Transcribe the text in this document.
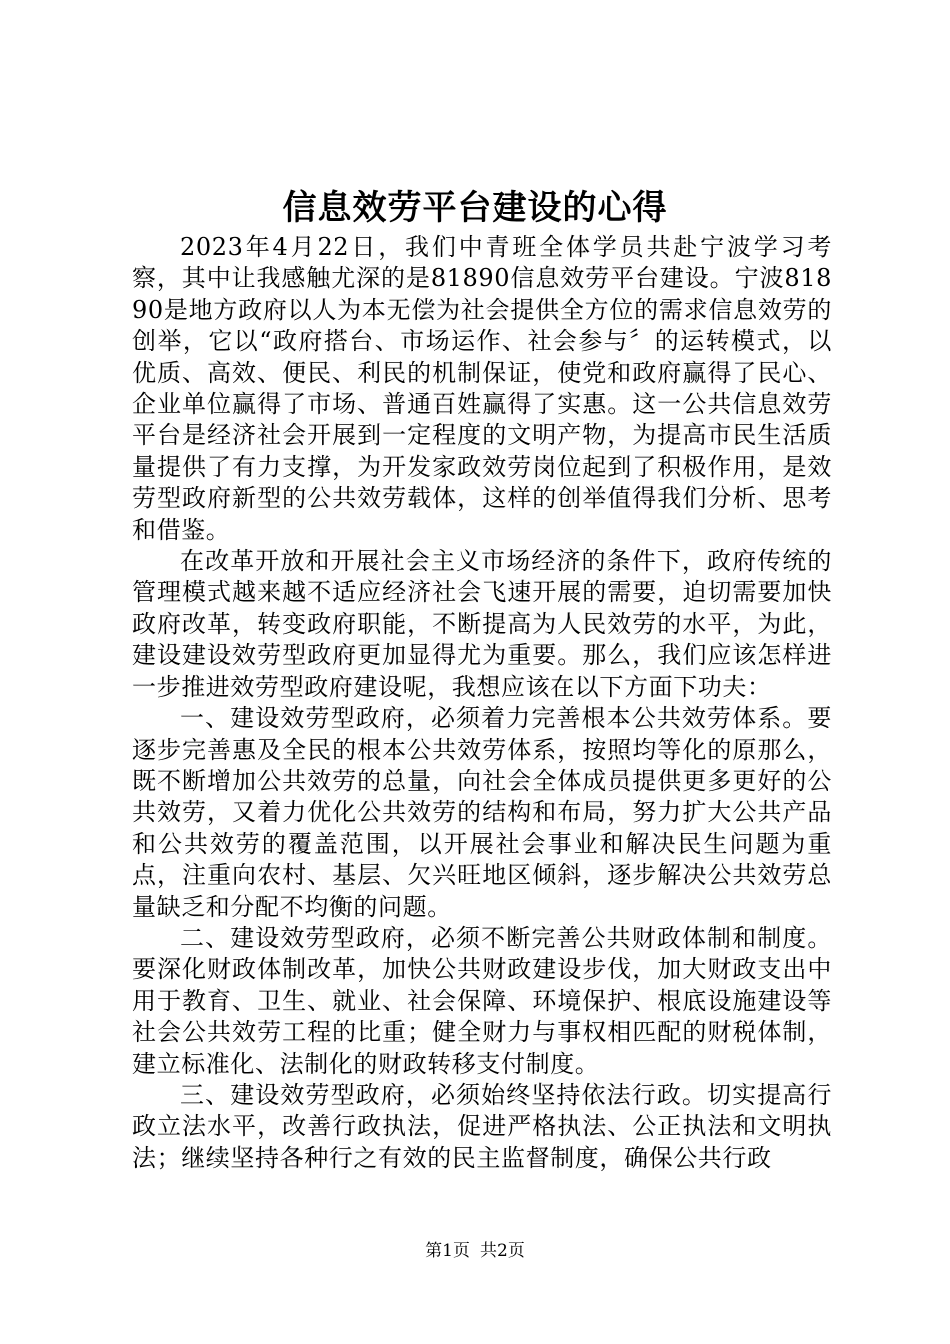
信息效劳平台建设的心得

2023年4月22日，我们中青班全体学员共赴宁波学习考察，其中让我感触尤深的是81890信息效劳平台建设。宁波81890是地方政府以人为本无偿为社会提供全方位的需求信息效劳的创举，它以“政府搭台、市场运作、社会参与〞的运转模式，以优质、高效、便民、利民的机制保证，使党和政府赢得了民心、企业单位赢得了市场、普通百姓赢得了实惠。这一公共信息效劳平台是经济社会开展到一定程度的文明产物，为提高市民生活质量提供了有力支撑，为开发家政效劳岗位起到了积极作用，是效劳型政府新型的公共效劳载体，这样的创举值得我们分析、思考和借鉴。

在改革开放和开展社会主义市场经济的条件下，政府传统的管理模式越来越不适应经济社会飞速开展的需要，迫切需要加快政府改革，转变政府职能，不断提高为人民效劳的水平，为此，建设建设效劳型政府更加显得尤为重要。那么，我们应该怎样进一步推进效劳型政府建设呢，我想应该在以下方面下功夫：

一、建设效劳型政府，必须着力完善根本公共效劳体系。要逐步完善惠及全民的根本公共效劳体系，按照均等化的原那么，既不断增加公共效劳的总量，向社会全体成员提供更多更好的公共效劳，又着力优化公共效劳的结构和布局，努力扩大公共产品和公共效劳的覆盖范围，以开展社会事业和解决民生问题为重点，注重向农村、基层、欠兴旺地区倾斜，逐步解决公共效劳总量缺乏和分配不均衡的问题。

二、建设效劳型政府，必须不断完善公共财政体制和制度。要深化财政体制改革，加快公共财政建设步伐，加大财政支出中用于教育、卫生、就业、社会保障、环境保护、根底设施建设等社会公共效劳工程的比重；健全财力与事权相匹配的财税体制，建立标准化、法制化的财政转移支付制度。

三、建设效劳型政府，必须始终坚持依法行政。切实提高行政立法水平，改善行政执法，促进严格执法、公正执法和文明执法；继续坚持各种行之有效的民主监督制度，确保公共行政

第1页 共2页
